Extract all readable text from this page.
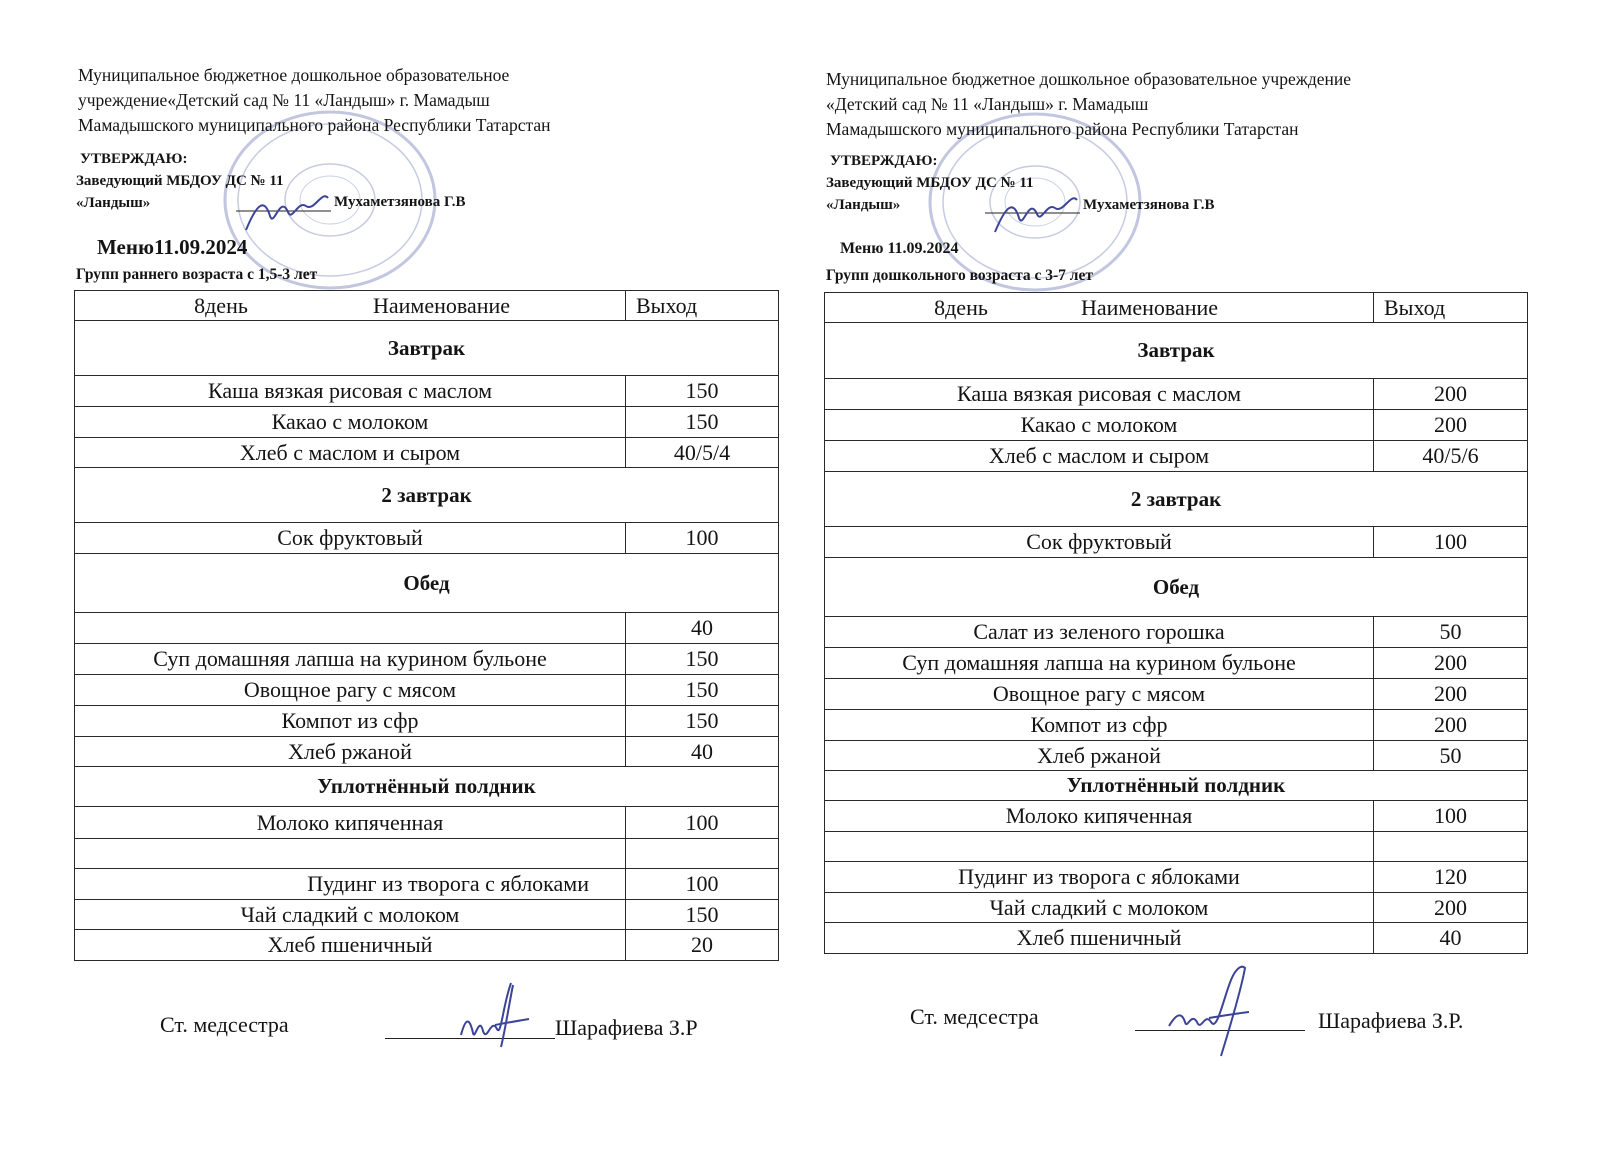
Муниципальное бюджетное дошкольное образовательное
учреждение«Детский сад № 11 «Ландыш» г. Мамадыш
Мамадышского муниципального района Республики Татарстан
УТВЕРЖДАЮ:
Заведующий МБДОУ ДС № 11
«Ландыш»	Мухаметзянова Г.В
Меню11.09.2024
Групп раннего возраста с 1,5-3 лет
8день Наименование	Выход
Завтрак	
Каша вязкая рисовая с маслом	150
Какао с молоком	150
Хлеб с маслом и сыром	40/5/4
2 завтрак	
Сок фруктовый	100
Обед	
	40
Суп домашняя лапша на курином бульоне	150
Овощное рагу с мясом	150
Компот из сфр	150
Хлеб ржаной	40
Уплотнённый полдник	
Молоко кипяченная	100

Пудинг из творога с яблоками	100
Чай сладкий с молоком	150
Хлеб пшеничный	20
Ст. медсестра	Шарафиева З.Р
Муниципальное бюджетное дошкольное образовательное учреждение
«Детский сад № 11 «Ландыш» г. Мамадыш
Мамадышского муниципального района Республики Татарстан
УТВЕРЖДАЮ:
Заведующий МБДОУ ДС № 11
«Ландыш»	Мухаметзянова Г.В
Меню 11.09.2024
Групп дошкольного возраста с 3-7 лет
8день Наименование	Выход
Завтрак	
Каша вязкая рисовая с маслом	200
Какао с молоком	200
Хлеб с маслом и сыром	40/5/6
2 завтрак	
Сок фруктовый	100
Обед	
Салат из зеленого горошка	50
Суп домашняя лапша на курином бульоне	200
Овощное рагу с мясом	200
Компот из сфр	200
Хлеб ржаной	50
Уплотнённый полдник	
Молоко кипяченная	100

Пудинг из творога с яблоками	120
Чай сладкий с молоком	200
Хлеб пшеничный	40
Ст. медсестра	Шарафиева З.Р.
